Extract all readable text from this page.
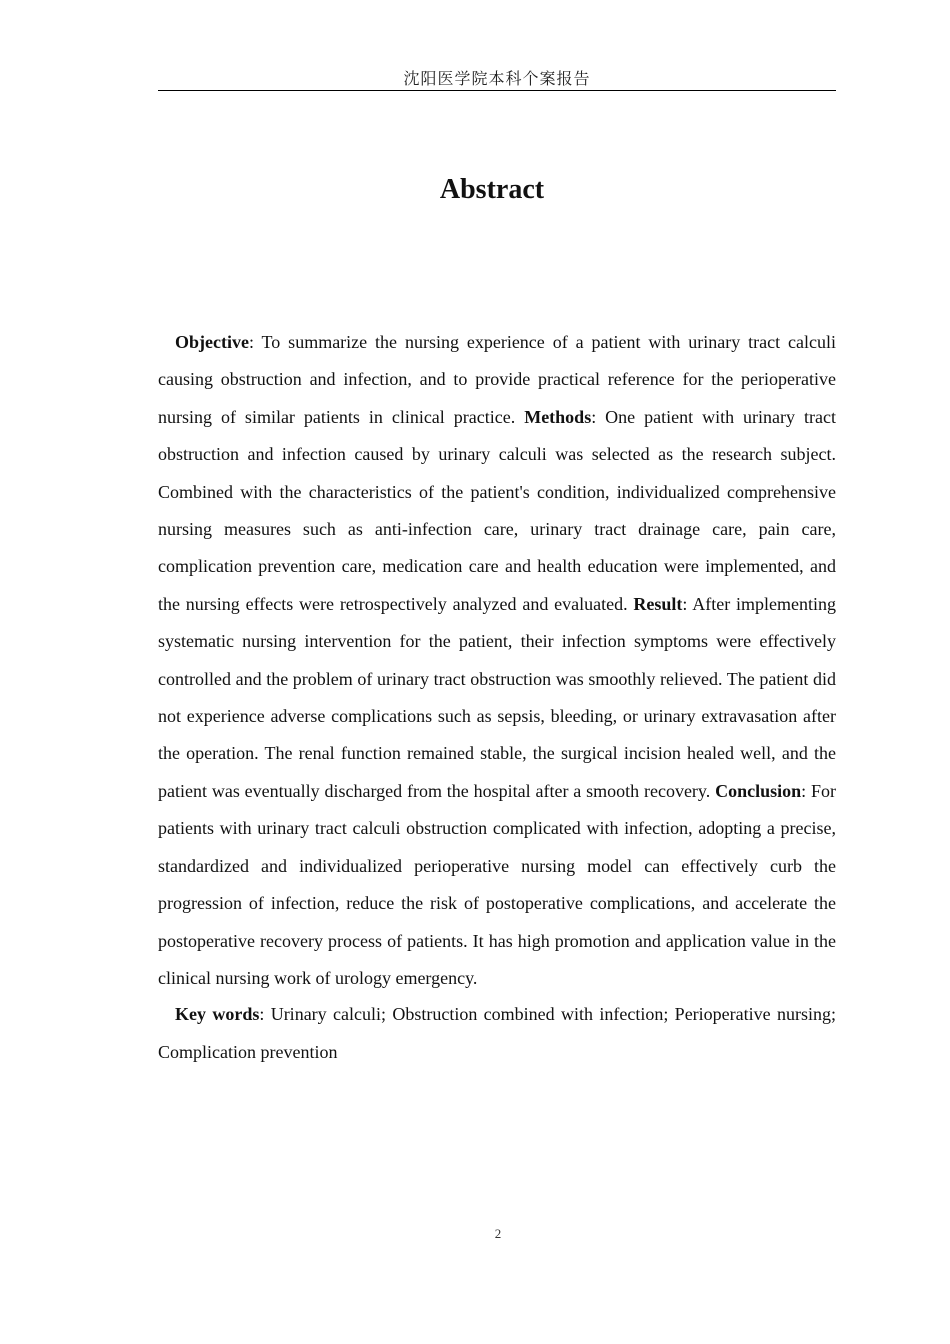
沈阳医学院本科个案报告
Abstract

Objective: To summarize the nursing experience of a patient with urinary tract calculi causing obstruction and infection, and to provide practical reference for the perioperative nursing of similar patients in clinical practice. Methods: One patient with urinary tract obstruction and infection caused by urinary calculi was selected as the research subject. Combined with the characteristics of the patient's condition, individualized comprehensive nursing measures such as anti-infection care, urinary tract drainage care, pain care, complication prevention care, medication care and health education were implemented, and the nursing effects were retrospectively analyzed and evaluated. Result: After implementing systematic nursing intervention for the patient, their infection symptoms were effectively controlled and the problem of urinary tract obstruction was smoothly relieved. The patient did not experience adverse complications such as sepsis, bleeding, or urinary extravasation after the operation. The renal function remained stable, the surgical incision healed well, and the patient was eventually discharged from the hospital after a smooth recovery. Conclusion: For patients with urinary tract calculi obstruction complicated with infection, adopting a precise, standardized and individualized perioperative nursing model can effectively curb the progression of infection, reduce the risk of postoperative complications, and accelerate the postoperative recovery process of patients. It has high promotion and application value in the clinical nursing work of urology emergency.

Key words: Urinary calculi; Obstruction combined with infection; Perioperative nursing; Complication prevention

2
